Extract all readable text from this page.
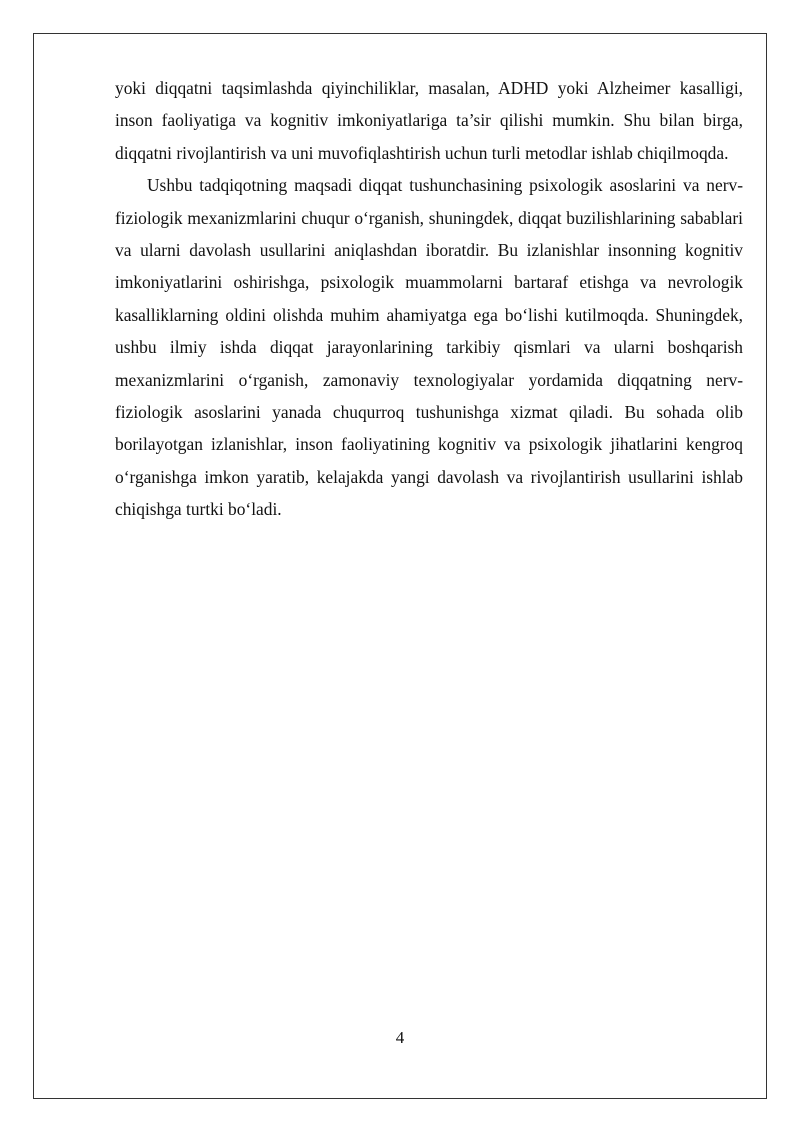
yoki diqqatni taqsimlashda qiyinchiliklar, masalan, ADHD yoki Alzheimer kasalligi, inson faoliyatiga va kognitiv imkoniyatlariga ta’sir qilishi mumkin. Shu bilan birga, diqqatni rivojlantirish va uni muvofiqlashtirish uchun turli metodlar ishlab chiqilmoqda.

Ushbu tadqiqotning maqsadi diqqat tushunchasining psixologik asoslarini va nerv-fiziologik mexanizmlarini chuqur o‘rganish, shuningdek, diqqat buzilishlarining sabablari va ularni davolash usullarini aniqlashdan iboratdir. Bu izlanishlar insonning kognitiv imkoniyatlarini oshirishga, psixologik muammolarni bartaraf etishga va nevrologik kasalliklarning oldini olishda muhim ahamiyatga ega bo‘lishi kutilmoqda. Shuningdek, ushbu ilmiy ishda diqqat jarayonlarining tarkibiy qismlari va ularni boshqarish mexanizmlarini o‘rganish, zamonaviy texnologiyalar yordamida diqqatning nerv-fiziologik asoslarini yanada chuqurroq tushunishga xizmat qiladi. Bu sohada olib borilayotgan izlanishlar, inson faoliyatining kognitiv va psixologik jihatlarini kengroq o‘rganishga imkon yaratib, kelajakda yangi davolash va rivojlantirish usullarini ishlab chiqishga turtki bo‘ladi.

4
